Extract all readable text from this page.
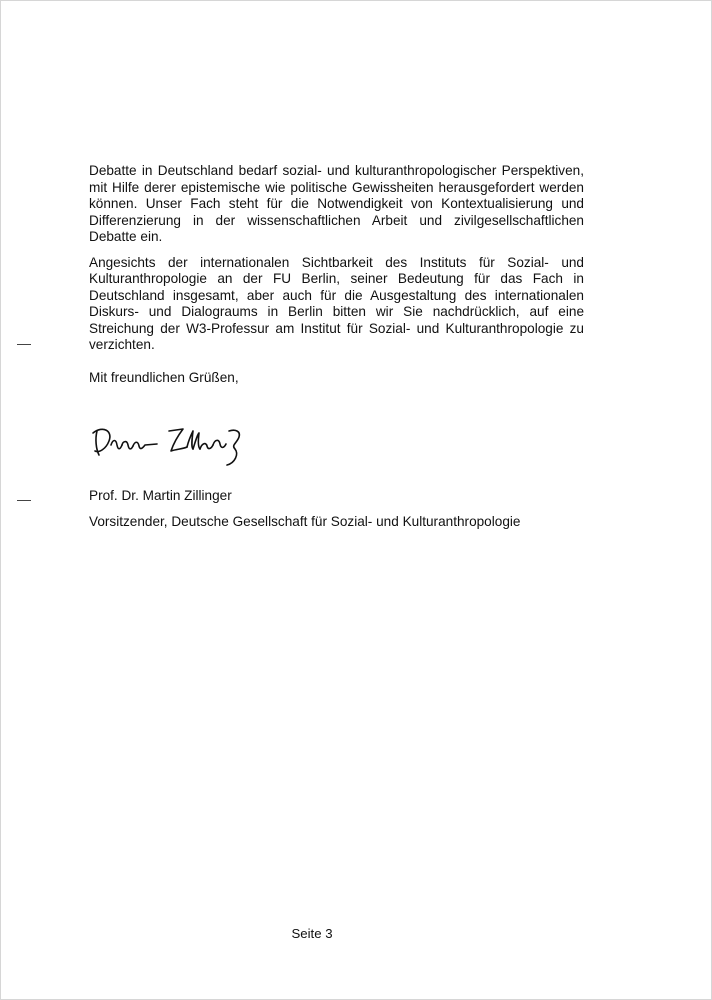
Debatte in Deutschland bedarf sozial- und kulturanthropologischer Perspektiven, mit Hilfe derer epistemische wie politische Gewissheiten herausgefordert werden können. Unser Fach steht für die Notwendigkeit von Kontextualisierung und Differenzierung in der wissenschaftlichen Arbeit und zivilgesellschaftlichen Debatte ein.

Angesichts der internationalen Sichtbarkeit des Instituts für Sozial- und Kulturanthropologie an der FU Berlin, seiner Bedeutung für das Fach in Deutschland insgesamt, aber auch für die Ausgestaltung des internationalen Diskurs- und Dialograums in Berlin bitten wir Sie nachdrücklich, auf eine Streichung der W3-Professur am Institut für Sozial- und Kulturanthropologie zu verzichten.

Mit freundlichen Grüßen,
Prof. Dr. Martin Zillinger
Vorsitzender, Deutsche Gesellschaft für Sozial- und Kulturanthropologie
Seite 3
